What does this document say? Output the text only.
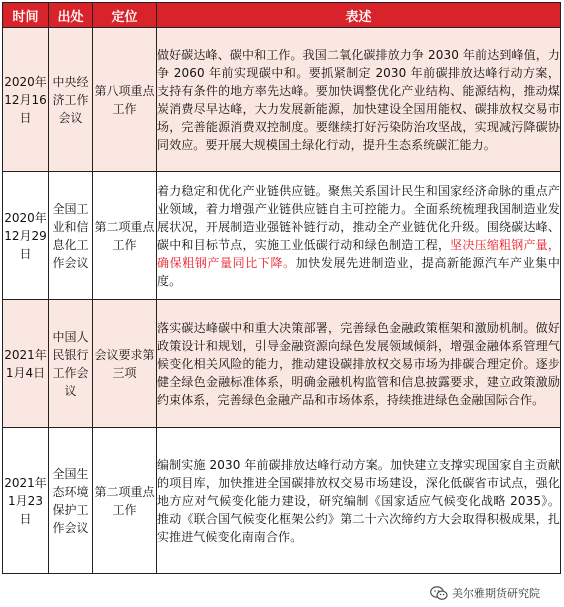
时间	出处	定位	表述
2020年12月16日	中央经济工作会议	第八项重点工作	做好碳达峰、碳中和工作。我国二氧化碳排放力争 2030 年前达到峰值，力争 2060 年前实现碳中和。要抓紧制定 2030 年前碳排放达峰行动方案，支持有条件的地方率先达峰。要加快调整优化产业结构、能源结构，推动煤炭消费尽早达峰，大力发展新能源，加快建设全国用能权、碳排放权交易市场，完善能源消费双控制度。要继续打好污染防治攻坚战，实现减污降碳协同效应。要开展大规模国土绿化行动，提升生态系统碳汇能力。
2020年12月29日	全国工业和信息化工作会议	第二项重点工作	着力稳定和优化产业链供应链。聚焦关系国计民生和国家经济命脉的重点产业领域，着力增强产业链供应链自主可控能力。全面系统梳理我国制造业发展状况，开展制造业强链补链行动，推动全产业链优化升级。围绕碳达峰、碳中和目标节点，实施工业低碳行动和绿色制造工程，坚决压缩粗钢产量，确保粗钢产量同比下降。加快发展先进制造业，提高新能源汽车产业集中度。
2021年1月4日	中国人民银行工作会议	会议要求第三项	落实碳达峰碳中和重大决策部署，完善绿色金融政策框架和激励机制。做好政策设计和规划，引导金融资源向绿色发展领域倾斜，增强金融体系管理气候变化相关风险的能力，推动建设碳排放权交易市场为排碳合理定价。逐步健全绿色金融标准体系，明确金融机构监管和信息披露要求，建立政策激励约束体系，完善绿色金融产品和市场体系，持续推进绿色金融国际合作。
2021年1月23日	全国生态环境保护工作会议	第二项重点工作	编制实施 2030 年前碳排放达峰行动方案。加快建立支撑实现国家自主贡献的项目库，加快推进全国碳排放权交易市场建设，深化低碳省市试点，强化地方应对气候变化能力建设，研究编制《国家适应气候变化战略 2035》。推动《联合国气候变化框架公约》第二十六次缔约方大会取得积极成果，扎实推进气候变化南南合作。
美尔雅期货研究院
